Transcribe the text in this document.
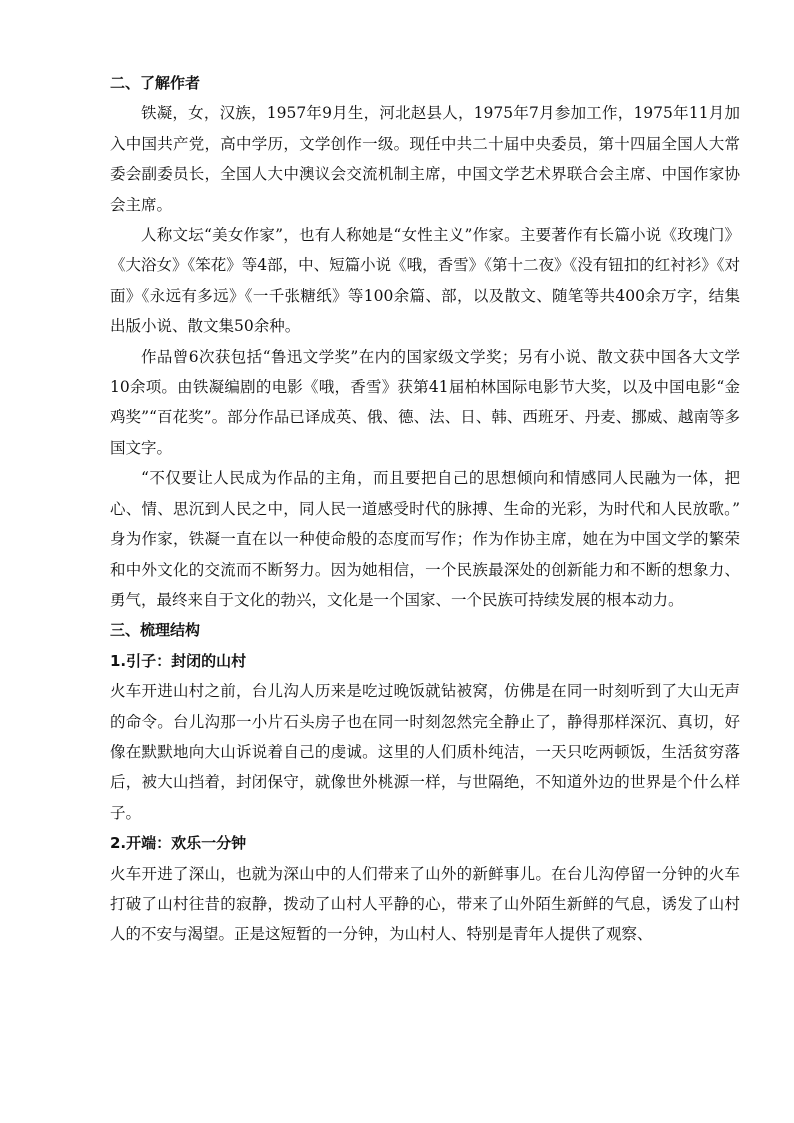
二、了解作者

铁凝，女，汉族，1957年9月生，河北赵县人，1975年7月参加工作，1975年11月加入中国共产党，高中学历，文学创作一级。现任中共二十届中央委员，第十四届全国人大常委会副委员长，全国人大中澳议会交流机制主席，中国文学艺术界联合会主席、中国作家协会主席。

人称文坛“美女作家”，也有人称她是“女性主义”作家。主要著作有长篇小说《玫瑰门》《大浴女》《笨花》等4部，中、短篇小说《哦，香雪》《第十二夜》《没有钮扣的红衬衫》《对面》《永远有多远》《一千张糖纸》等100余篇、部，以及散文、随笔等共400余万字，结集出版小说、散文集50余种。

作品曾6次获包括“鲁迅文学奖”在内的国家级文学奖；另有小说、散文获中国各大文学10余项。由铁凝编剧的电影《哦，香雪》获第41届柏林国际电影节大奖，以及中国电影“金鸡奖”“百花奖”。部分作品已译成英、俄、德、法、日、韩、西班牙、丹麦、挪威、越南等多国文字。

“不仅要让人民成为作品的主角，而且要把自己的思想倾向和情感同人民融为一体，把心、情、思沉到人民之中，同人民一道感受时代的脉搏、生命的光彩，为时代和人民放歌。” 身为作家，铁凝一直在以一种使命般的态度而写作；作为作协主席，她在为中国文学的繁荣和中外文化的交流而不断努力。因为她相信，一个民族最深处的创新能力和不断的想象力、勇气，最终来自于文化的勃兴，文化是一个国家、一个民族可持续发展的根本动力。

三、梳理结构
1.引子：封闭的山村

火车开进山村之前，台儿沟人历来是吃过晚饭就钻被窝，仿佛是在同一时刻听到了大山无声的命令。台儿沟那一小片石头房子也在同一时刻忽然完全静止了，静得那样深沉、真切，好像在默默地向大山诉说着自己的虔诚。这里的人们质朴纯洁，一天只吃两顿饭，生活贫穷落后，被大山挡着，封闭保守，就像世外桃源一样，与世隔绝，不知道外边的世界是个什么样子。

2.开端：欢乐一分钟

火车开进了深山，也就为深山中的人们带来了山外的新鲜事儿。在台儿沟停留一分钟的火车打破了山村往昔的寂静，拨动了山村人平静的心，带来了山外陌生新鲜的气息，诱发了山村人的不安与渴望。正是这短暂的一分钟，为山村人、特别是青年人提供了观察、
